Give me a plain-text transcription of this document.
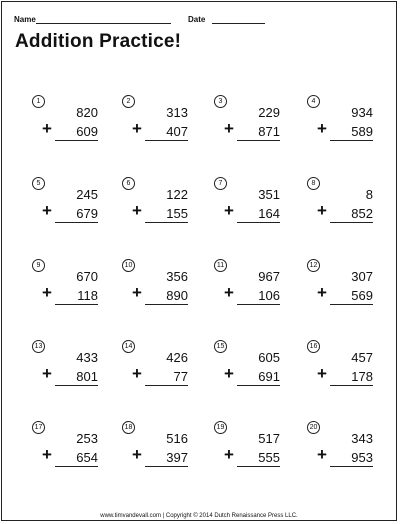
Name	Date
Addition Practice!
1
820
+ 609
2
313
+ 407
3
229
+ 871
4
934
+ 589
5
245
+ 679
6
122
+ 155
7
351
+ 164
8
8
+ 852
9
670
+ 118
10
356
+ 890
11
967
+ 106
12
307
+ 569
13
433
+ 801
14
426
+ 77
15
605
+ 691
16
457
+ 178
17
253
+ 654
18
516
+ 397
19
517
+ 555
20
343
+ 953
www.timvandevall.com | Copyright © 2014 Dutch Renaissance Press LLC.
